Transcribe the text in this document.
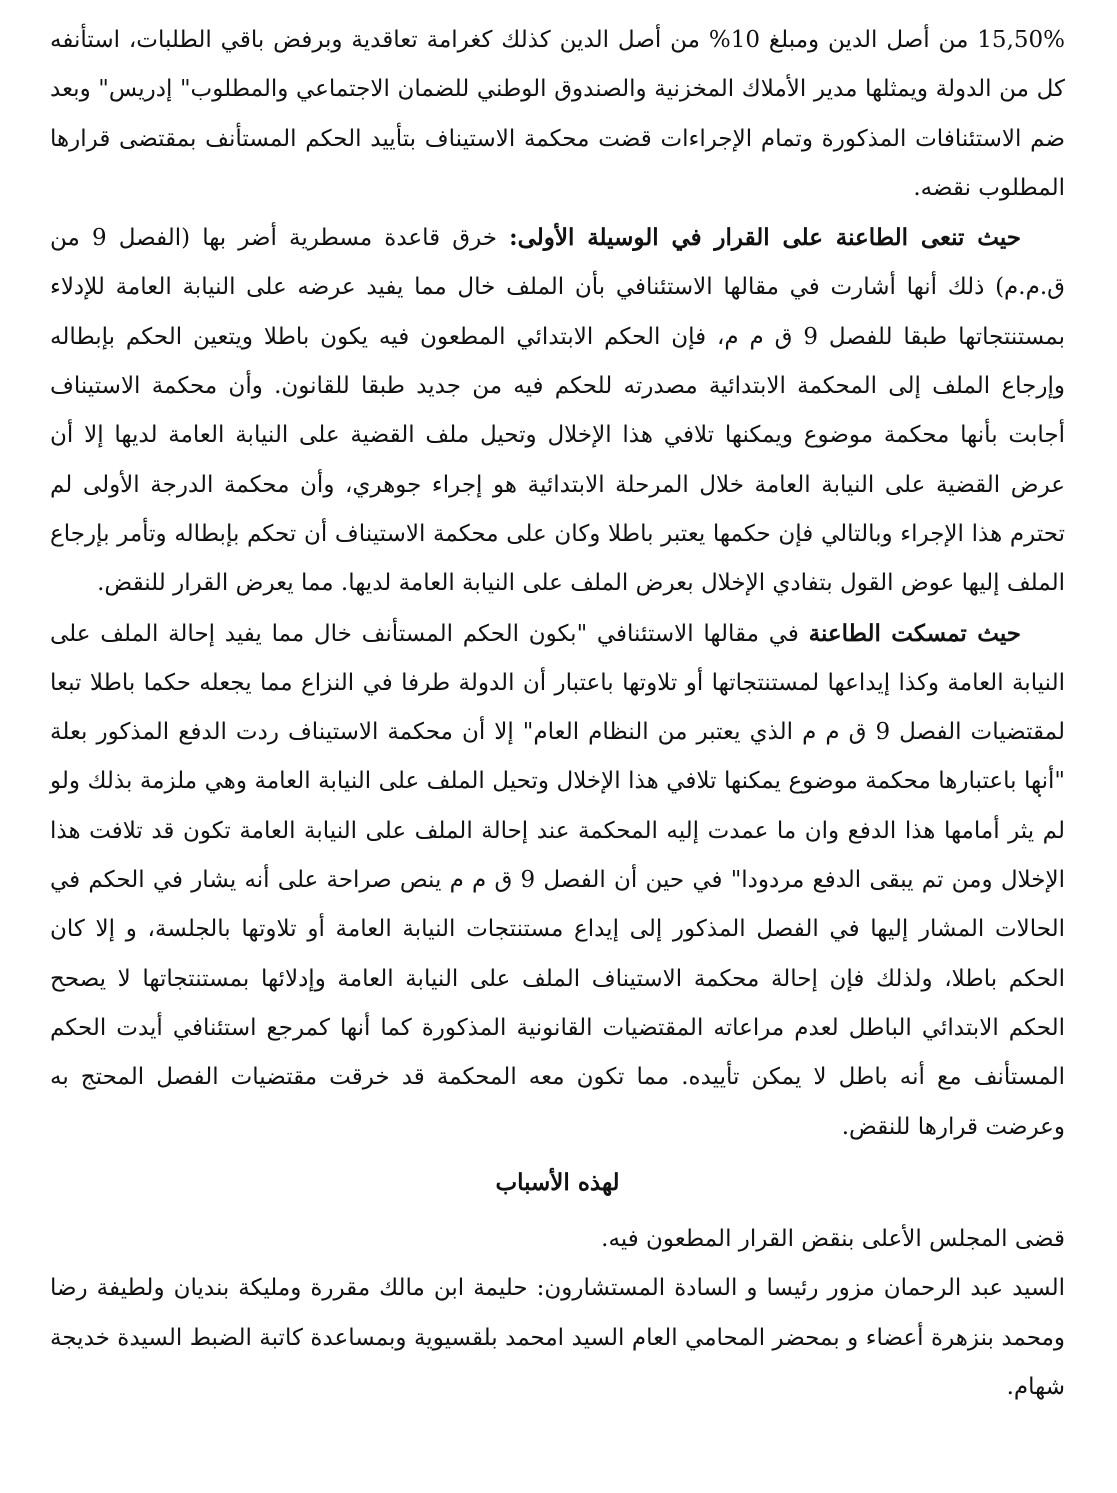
15,50% من أصل الدين ومبلغ 10% من أصل الدين كذلك كغرامة تعاقدية وبرفض باقي الطلبات، استأنفه كل من الدولة ويمثلها مدير الأملاك المخزنية والصندوق الوطني للضمان الاجتماعي والمطلوب" إدريس" وبعد ضم الاستئنافات المذكورة وتمام الإجراءات قضت محكمة الاستيناف بتأييد الحكم المستأنف بمقتضى قرارها المطلوب نقضه.

حيث تنعى الطاعنة على القرار في الوسيلة الأولى: خرق قاعدة مسطرية أضر بها (الفصل 9 من ق.م.م) ذلك أنها أشارت في مقالها الاستئنافي بأن الملف خال مما يفيد عرضه على النيابة العامة للإدلاء بمستنتجاتها طبقا للفصل 9 ق م م، فإن الحكم الابتدائي المطعون فيه يكون باطلا ويتعين الحكم بإبطاله وإرجاع الملف إلى المحكمة الابتدائية مصدرته للحكم فيه من جديد طبقا للقانون. وأن محكمة الاستيناف أجابت بأنها محكمة موضوع ويمكنها تلافي هذا الإخلال وتحيل ملف القضية على النيابة العامة لديها إلا أن عرض القضية على النيابة العامة خلال المرحلة الابتدائية هو إجراء جوهري، وأن محكمة الدرجة الأولى لم تحترم هذا الإجراء وبالتالي فإن حكمها يعتبر باطلا وكان على محكمة الاستيناف أن تحكم بإبطاله وتأمر بإرجاع الملف إليها عوض القول بتفادي الإخلال بعرض الملف على النيابة العامة لديها. مما يعرض القرار للنقض.

حيث تمسكت الطاعنة في مقالها الاستئنافي "بكون الحكم المستأنف خال مما يفيد إحالة الملف على النيابة العامة وكذا إيداعها لمستنتجاتها أو تلاوتها باعتبار أن الدولة طرفا في النزاع مما يجعله حكما باطلا تبعا لمقتضيات الفصل 9 ق م م الذي يعتبر من النظام العام" إلا أن محكمة الاستيناف ردت الدفع المذكور بعلة "أنها باعتبارها محكمة موضوع يمكنها تلافي هذا الإخلال وتحيل الملف على النيابة العامة وهي ملزمة بذلك ولو لم يثر أمامها هذا الدفع وان ما عمدت إليه المحكمة عند إحالة الملف على النيابة العامة تكون قد تلافت هذا الإخلال ومن تم يبقى الدفع مردودا" في حين أن الفصل 9 ق م م ينص صراحة على أنه يشار في الحكم في الحالات المشار إليها في الفصل المذكور إلى إيداع مستنتجات النيابة العامة أو تلاوتها بالجلسة، و إلا كان الحكم باطلا، ولذلك فإن إحالة محكمة الاستيناف الملف على النيابة العامة وإدلائها بمستنتجاتها لا يصحح الحكم الابتدائي الباطل لعدم مراعاته المقتضيات القانونية المذكورة كما أنها كمرجع استئنافي أيدت الحكم المستأنف مع أنه باطل لا يمكن تأييده. مما تكون معه المحكمة قد خرقت مقتضيات الفصل المحتج به وعرضت قرارها للنقض.

لهذه الأسباب

قضى المجلس الأعلى بنقض القرار المطعون فيه.

السيد عبد الرحمان مزور رئيسا و السادة المستشارون: حليمة ابن مالك مقررة ومليكة بنديان ولطيفة رضا ومحمد بنزهرة أعضاء و بمحضر المحامي العام السيد امحمد بلقسيوية وبمساعدة كاتبة الضبط السيدة خديجة شهام.
